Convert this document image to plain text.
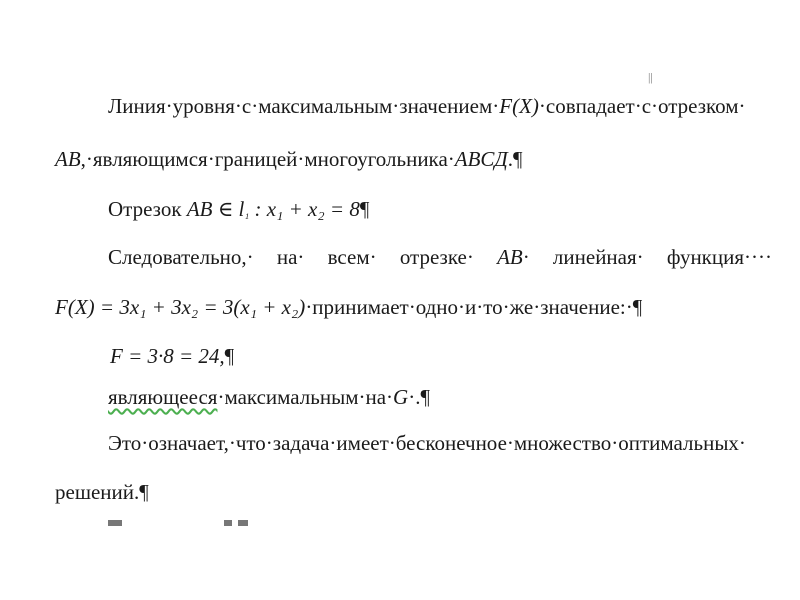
||
Линия·уровня·с·максимальным·значением·F(X)·совпадает·с·отрезком·
AB,·являющимся·границей·многоугольника·ABCД.¶
Отрезок AB ∈ l₁ : x₁ + x₂ = 8¶
Следовательно,· на· всем· отрезке· AB· линейная· функция····
F(X) = 3x₁ + 3x₂ = 3(x₁ + x₂)·принимает·одно·и·то·же·значение:·¶
F = 3·8 = 24,¶
являющееся·максимальным·на·G·.¶
Это·означает,·что·задача·имеет·бесконечное·множество·оптимальных·
решений.¶
